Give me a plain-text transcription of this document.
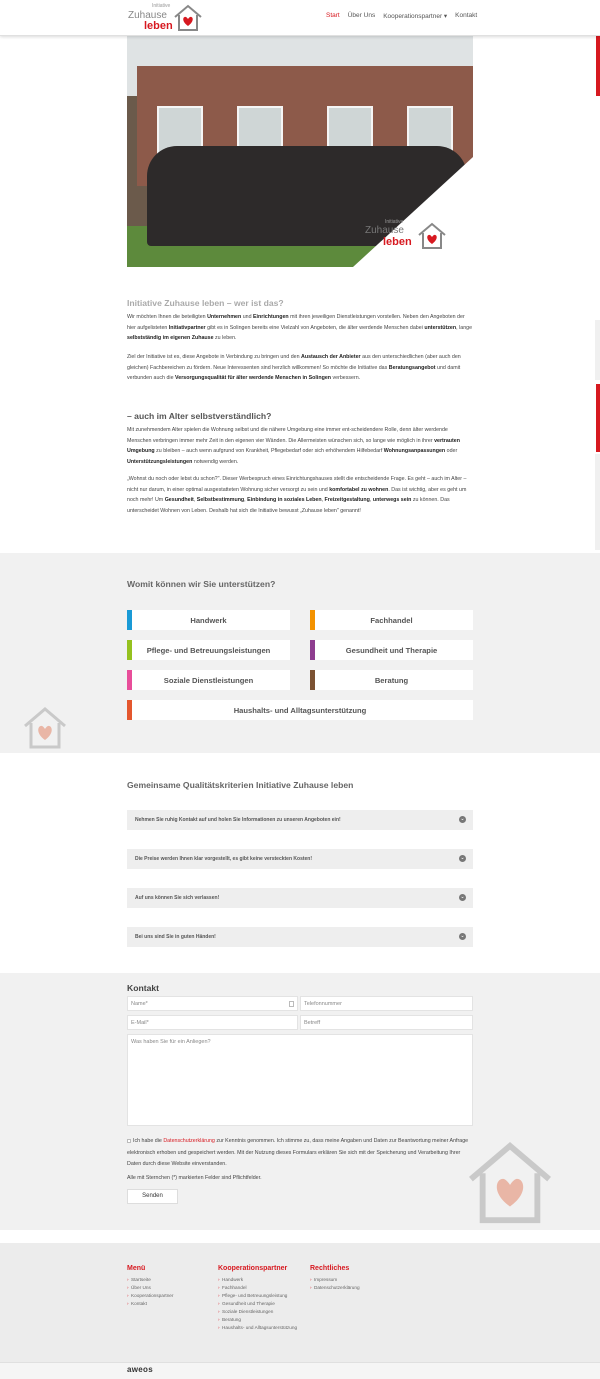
Initiative
Zuhause
leben
Start Über Uns Kooperationspartner ▾ Kontakt
Initiative
Zuhause
leben
Initiative Zuhause leben – wer ist das?
Wir möchten Ihnen die beteiligten Unternehmen und Einrichtungen mit ihren jeweiligen Dienstleistungen vorstellen. Neben den Angeboten der hier aufgelisteten Initiativpartner gibt es in Solingen bereits eine Vielzahl von Angeboten, die älter werdende Menschen dabei unterstützen, lange selbstständig im eigenen Zuhause zu leben.
Ziel der Initiative ist es, diese Angebote in Verbindung zu bringen und den Austausch der Anbieter aus den unterschiedlichen (aber auch den gleichen) Fachbereichen zu fördern. Neue Interessenten sind herzlich willkommen! So möchte die Initiative das Beratungsangebot und damit verbunden auch die Versorgungsqualität für älter werdende Menschen in Solingen verbessern.
– auch im Alter selbstverständlich?
Mit zunehmendem Alter spielen die Wohnung selbst und die nähere Umgebung eine immer ent-scheidendere Rolle, denn älter werdende Menschen verbringen immer mehr Zeit in den eigenen vier Wänden. Die Allermeisten wünschen sich, so lange wie möglich in ihrer vertrauten Umgebung zu bleiben – auch wenn aufgrund von Krankheit, Pflegebedarf oder sich erhöhendem Hilfebedarf Wohnungsanpassungen oder Unterstützungsleistungen notwendig werden.
„Wohnst du noch oder lebst du schon?". Dieser Werbespruch eines Einrichtungshauses stellt die entscheidende Frage. Es geht – auch im Alter – nicht nur darum, in einer optimal ausgestatteten Wohnung sicher versorgt zu sein und komfortabel zu wohnen. Das ist wichtig, aber es geht um noch mehr! Um Gesundheit, Selbstbestimmung, Einbindung in soziales Leben, Freizeitgestaltung, unterwegs sein zu können. Das unterscheidet Wohnen von Leben. Deshalb hat sich die Initiative bewusst „Zuhause leben" genannt!
Womit können wir Sie unterstützen?
Handwerk	Fachhandel
Pflege- und Betreuungsleistungen	Gesundheit und Therapie
Soziale Dienstleistungen	Beratung
Haushalts- und Alltagsunterstützung
Gemeinsame Qualitätskriterien Initiative Zuhause leben
Nehmen Sie ruhig Kontakt auf und holen Sie Informationen zu unseren Angeboten ein!	⌄
Die Preise werden Ihnen klar vorgestellt, es gibt keine versteckten Kosten!	⌄
Auf uns können Sie sich verlassen!	⌄
Bei uns sind Sie in guten Händen!	⌄
Kontakt
Name*	Telefonnummer
E-Mail*	Betreff
Was haben Sie für ein Anliegen?
Ich habe die Datenschutzerklärung zur Kenntnis genommen. Ich stimme zu, dass meine Angaben und Daten zur Beantwortung meiner Anfrage elektronisch erhoben und gespeichert werden. Mit der Nutzung dieses Formulars erklären Sie sich mit der Speicherung und Verarbeitung Ihrer Daten durch diese Website einverstanden.
Alle mit Sternchen (*) markierten Felder sind Pflichtfelder.
Senden
Menü
› Startseite
› Über Uns
› Kooperationspartner
› Kontakt
Kooperationspartner
› Handwerk
› Fachhandel
› Pflege- und Betreuungsleistung
› Gesundheit und Therapie
› Soziale Dienstleistungen
› Beratung
› Haushalts- und Alltagsunterstützung
Rechtliches
› Impressum
› Datenschutzerklärung
aweos
